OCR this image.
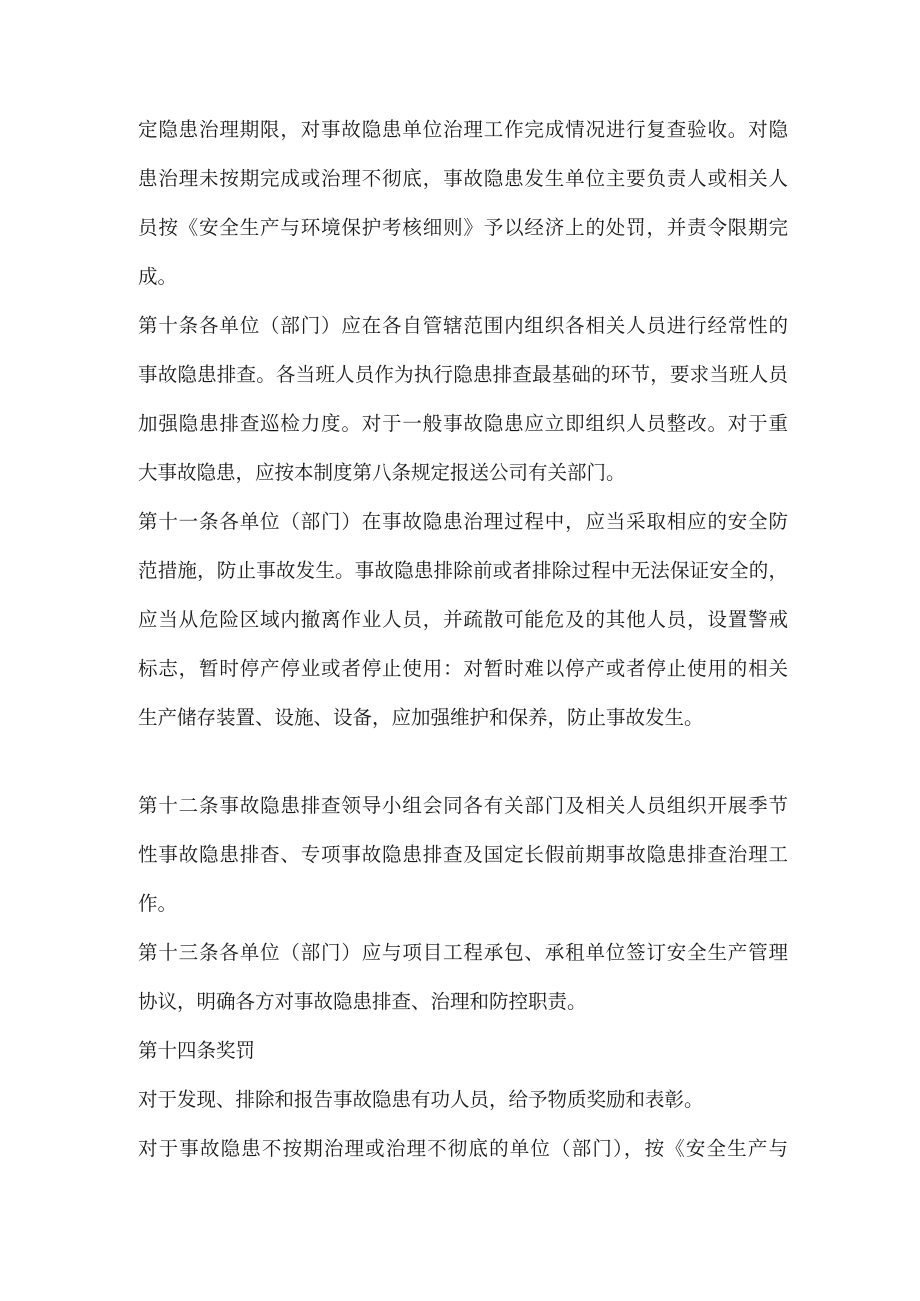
定隐患治理期限，对事故隐患单位治理工作完成情况进行复查验收。对隐
患治理未按期完成或治理不彻底，事故隐患发生单位主要负责人或相关人
员按《安全生产与环境保护考核细则》予以经济上的处罚，并责令限期完
成。
第十条各单位（部门）应在各自管辖范围内组织各相关人员进行经常性的
事故隐患排查。各当班人员作为执行隐患排查最基础的环节，要求当班人员
加强隐患排查巡检力度。对于一般事故隐患应立即组织人员整改。对于重
大事故隐患，应按本制度第八条规定报送公司有关部门。
第十一条各单位（部门）在事故隐患治理过程中，应当采取相应的安全防
范措施，防止事故发生。事故隐患排除前或者排除过程中无法保证安全的，
应当从危险区域内撤离作业人员，并疏散可能危及的其他人员，设置警戒
标志，暂时停产停业或者停止使用：对暂时难以停产或者停止使用的相关
生产储存装置、设施、设备，应加强维护和保养，防止事故发生。
第十二条事故隐患排查领导小组会同各有关部门及相关人员组织开展季节
性事故隐患排杳、专项事故隐患排查及国定长假前期事故隐患排查治理工
作。
第十三条各单位（部门）应与项目工程承包、承租单位签订安全生产管理
协议，明确各方对事故隐患排查、治理和防控职责。
第十四条奖罚
对于发现、排除和报告事故隐患有功人员，给予物质奖励和表彰。
对于事故隐患不按期治理或治理不彻底的单位（部门），按《安全生产与
